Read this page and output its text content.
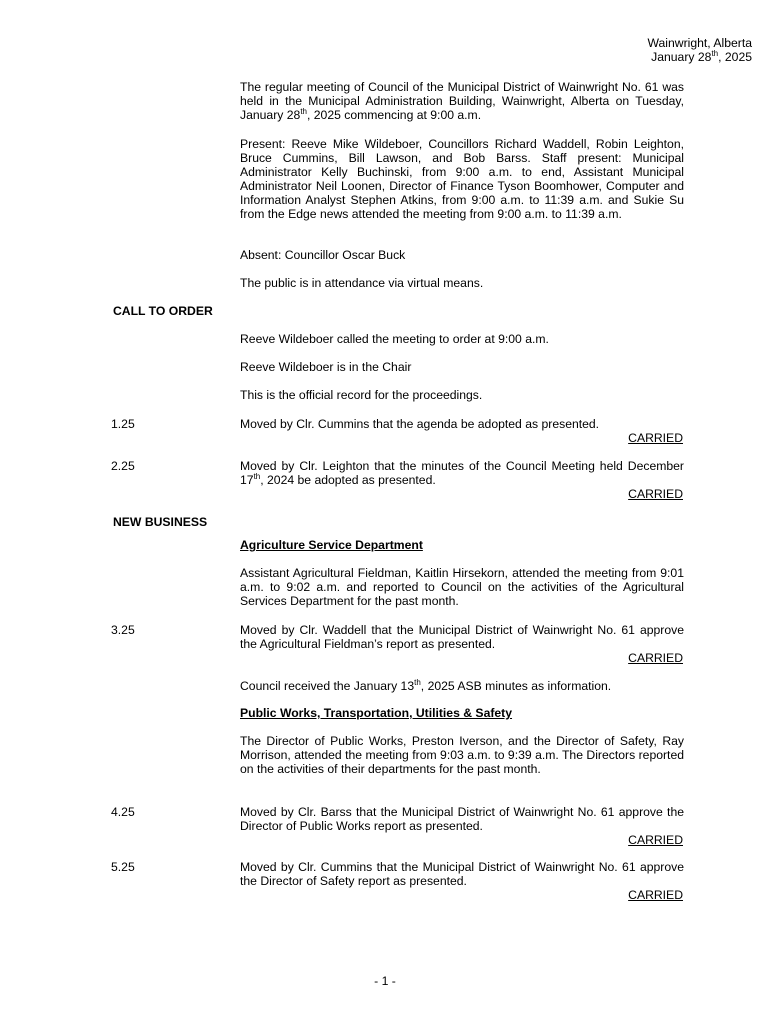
Wainwright, Alberta
January 28th, 2025
The regular meeting of Council of the Municipal District of Wainwright No. 61 was held in the Municipal Administration Building, Wainwright, Alberta on Tuesday, January 28th, 2025 commencing at 9:00 a.m.
Present: Reeve Mike Wildeboer, Councillors Richard Waddell, Robin Leighton, Bruce Cummins, Bill Lawson, and Bob Barss. Staff present: Municipal Administrator Kelly Buchinski, from 9:00 a.m. to end, Assistant Municipal Administrator Neil Loonen, Director of Finance Tyson Boomhower, Computer and Information Analyst Stephen Atkins, from 9:00 a.m. to 11:39 a.m. and Sukie Su from the Edge news attended the meeting from 9:00 a.m. to 11:39 a.m.
Absent: Councillor Oscar Buck
The public is in attendance via virtual means.
CALL TO ORDER
Reeve Wildeboer called the meeting to order at 9:00 a.m.
Reeve Wildeboer is in the Chair
This is the official record for the proceedings.
1.25	Moved by Clr. Cummins that the agenda be adopted as presented.
CARRIED
2.25	Moved by Clr. Leighton that the minutes of the Council Meeting held December 17th, 2024 be adopted as presented.
CARRIED
NEW BUSINESS
Agriculture Service Department
Assistant Agricultural Fieldman, Kaitlin Hirsekorn, attended the meeting from 9:01 a.m. to 9:02 a.m. and reported to Council on the activities of the Agricultural Services Department for the past month.
3.25	Moved by Clr. Waddell that the Municipal District of Wainwright No. 61 approve the Agricultural Fieldman’s report as presented.
CARRIED
Council received the January 13th, 2025 ASB minutes as information.
Public Works, Transportation, Utilities & Safety
The Director of Public Works, Preston Iverson, and the Director of Safety, Ray Morrison, attended the meeting from 9:03 a.m. to 9:39 a.m. The Directors reported on the activities of their departments for the past month.
4.25	Moved by Clr. Barss that the Municipal District of Wainwright No. 61 approve the Director of Public Works report as presented.
CARRIED
5.25	Moved by Clr. Cummins that the Municipal District of Wainwright No. 61 approve the Director of Safety report as presented.
CARRIED
- 1 -
